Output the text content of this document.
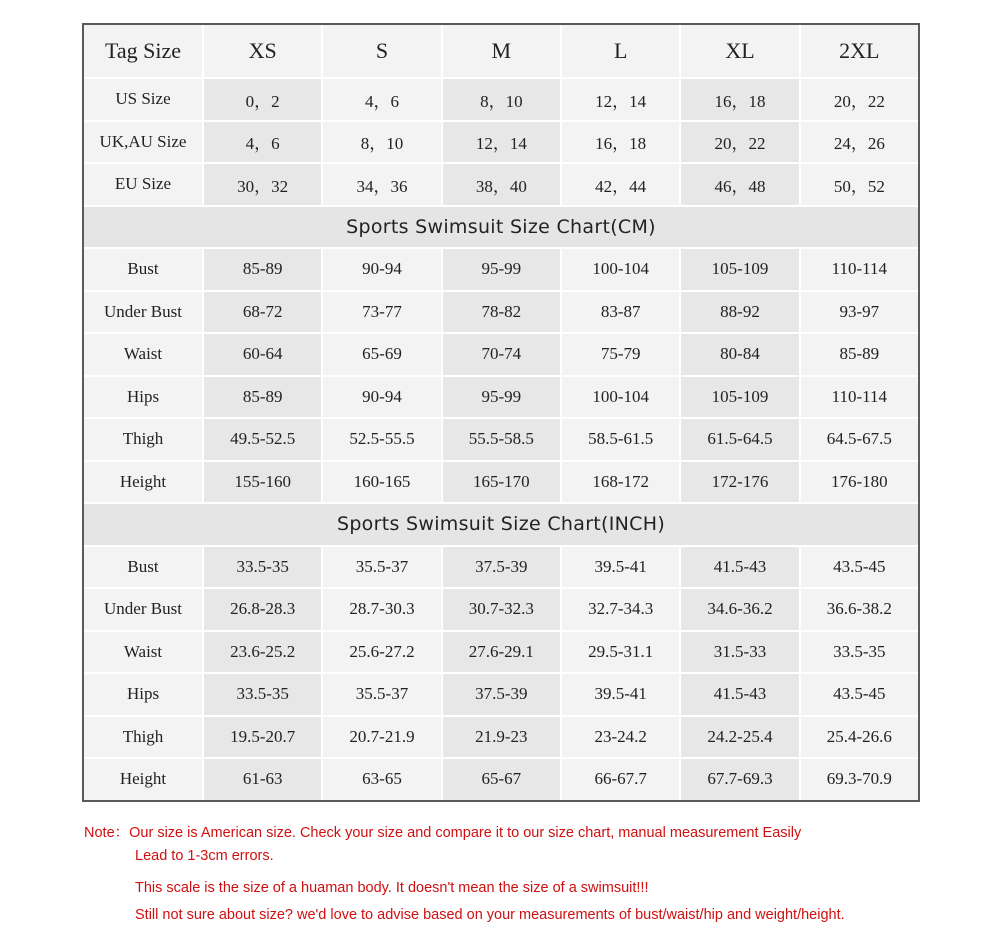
Tag Size	XS	S	M	L	XL	2XL
US Size	0，2	4，6	8，10	12，14	16，18	20，22
UK,AU Size	4，6	8，10	12，14	16，18	20，22	24，26
EU Size	30，32	34，36	38，40	42，44	46，48	50，52
Sports Swimsuit Size Chart(CM)
Bust	85-89	90-94	95-99	100-104	105-109	110-114
Under Bust	68-72	73-77	78-82	83-87	88-92	93-97
Waist	60-64	65-69	70-74	75-79	80-84	85-89
Hips	85-89	90-94	95-99	100-104	105-109	110-114
Thigh	49.5-52.5	52.5-55.5	55.5-58.5	58.5-61.5	61.5-64.5	64.5-67.5
Height	155-160	160-165	165-170	168-172	172-176	176-180
Sports Swimsuit Size Chart(INCH)
Bust	33.5-35	35.5-37	37.5-39	39.5-41	41.5-43	43.5-45
Under Bust	26.8-28.3	28.7-30.3	30.7-32.3	32.7-34.3	34.6-36.2	36.6-38.2
Waist	23.6-25.2	25.6-27.2	27.6-29.1	29.5-31.1	31.5-33	33.5-35
Hips	33.5-35	35.5-37	37.5-39	39.5-41	41.5-43	43.5-45
Thigh	19.5-20.7	20.7-21.9	21.9-23	23-24.2	24.2-25.4	25.4-26.6
Height	61-63	63-65	65-67	66-67.7	67.7-69.3	69.3-70.9
Note：Our size is American size. Check your size and compare it to our size chart, manual measurement Easily
Lead to 1-3cm errors.
This scale is the size of a huaman body. It doesn't mean the size of a swimsuit!!!
Still not sure about size? we'd love to advise based on your measurements of bust/waist/hip and weight/height.
